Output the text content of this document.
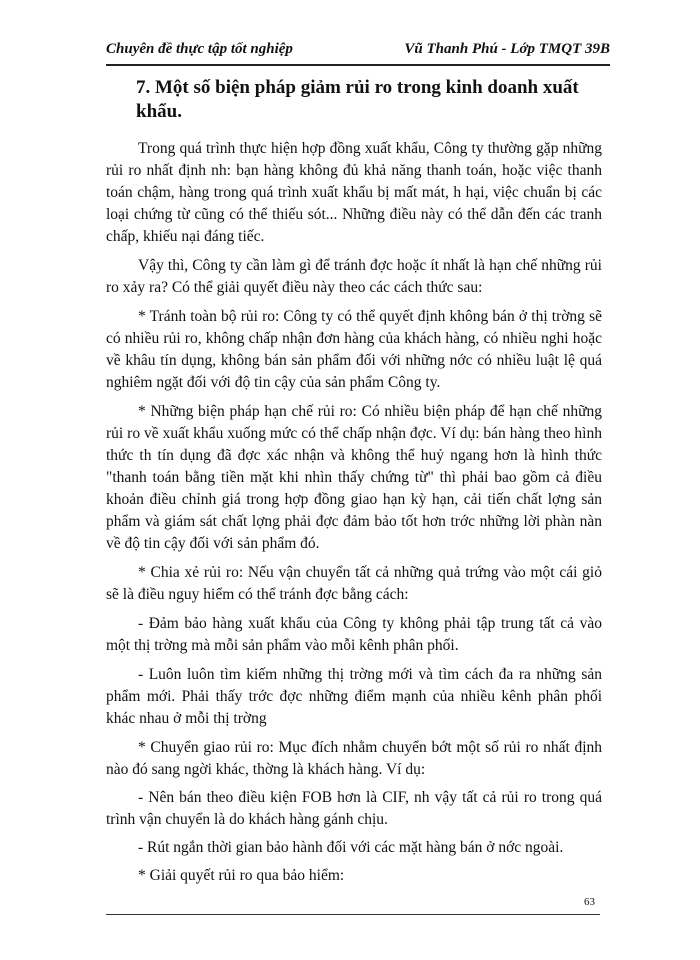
Chuyên đề thực tập tốt nghiệp	Vũ Thanh Phú - Lớp TMQT 39B
7. Một số biện pháp giảm rủi ro trong kinh doanh xuất khẩu.

Trong quá trình thực hiện hợp đồng xuất khẩu, Công ty thường gặp những rủi ro nhất định nh: bạn hàng không đủ khả năng thanh toán, hoặc việc thanh toán chậm, hàng trong quá trình xuất khẩu bị mất mát, h hại, việc chuẩn bị các loại chứng từ cũng có thể thiếu sót... Những điều này có thể dẫn đến các tranh chấp, khiếu nại đáng tiếc.

Vậy thì, Công ty cần làm gì để tránh đợc hoặc ít nhất là hạn chế những rủi ro xảy ra? Có thể giải quyết điều này theo các cách thức sau:

* Tránh toàn bộ rủi ro: Công ty có thể quyết định không bán ở thị trờng sẽ có nhiều rủi ro, không chấp nhận đơn hàng của khách hàng, có nhiều nghi hoặc về khâu tín dụng, không bán sản phẩm đối với những nớc có nhiều luật lệ quá nghiêm ngặt đối với độ tin cậy của sản phẩm Công ty.

* Những biện pháp hạn chế rủi ro: Có nhiều biện pháp để hạn chế những rủi ro về xuất khẩu xuống mức có thể chấp nhận đợc. Ví dụ: bán hàng theo hình thức th tín dụng đã đợc xác nhận và không thể huỷ ngang hơn là hình thức "thanh toán bằng tiền mặt khi nhìn thấy chứng từ" thì phải bao gồm cả điều khoản điều chỉnh giá trong hợp đồng giao hạn kỳ hạn, cải tiến chất lợng sản phẩm và giám sát chất lợng phải đợc đảm bảo tốt hơn trớc những lời phàn nàn về độ tin cậy đối với sản phẩm đó.

* Chia xẻ rủi ro: Nếu vận chuyển tất cả những quả trứng vào một cái giỏ sẽ là điều nguy hiểm có thể tránh đợc bằng cách:

- Đảm bảo hàng xuất khẩu của Công ty không phải tập trung tất cả vào một thị trờng mà mỗi sản phẩm vào mỗi kênh phân phối.

- Luôn luôn tìm kiếm những thị trờng mới và tìm cách đa ra những sản phẩm mới. Phải thấy trớc đợc những điểm mạnh của nhiều kênh phân phối khác nhau ở mỗi thị trờng

* Chuyển giao rủi ro: Mục đích nhằm chuyển bớt một số rủi ro nhất định nào đó sang ngời khác, thờng là khách hàng. Ví dụ:

- Nên bán theo điều kiện FOB hơn là CIF, nh vậy tất cả rủi ro trong quá trình vận chuyển là do khách hàng gánh chịu.

- Rút ngắn thời gian bảo hành đối với các mặt hàng bán ở nớc ngoài.

* Giải quyết rủi ro qua bảo hiểm:

63
